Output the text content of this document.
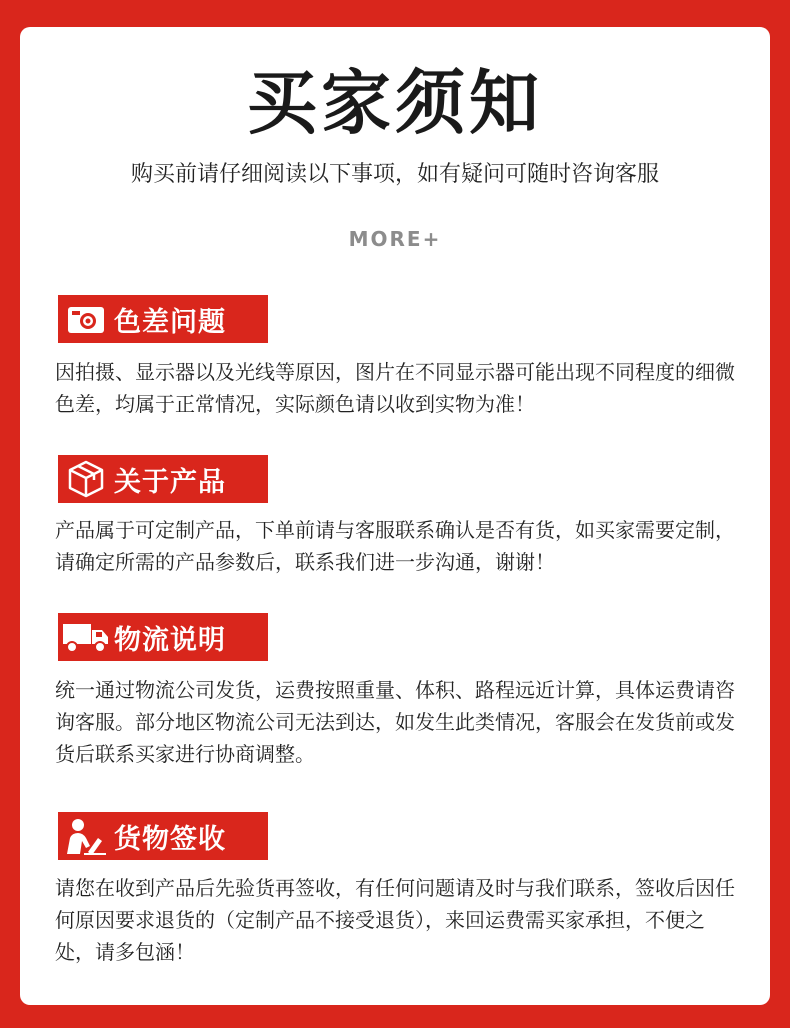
买家须知
购买前请仔细阅读以下事项，如有疑问可随时咨询客服
MORE+
色差问题
因拍摄、显示器以及光线等原因，图片在不同显示器可能出现不同程度的细微色差，均属于正常情况，实际颜色请以收到实物为准！
关于产品
产品属于可定制产品，下单前请与客服联系确认是否有货，如买家需要定制，请确定所需的产品参数后，联系我们进一步沟通，谢谢！
物流说明
统一通过物流公司发货，运费按照重量、体积、路程远近计算，具体运费请咨询客服。部分地区物流公司无法到达，如发生此类情况，客服会在发货前或发货后联系买家进行协商调整。
货物签收
请您在收到产品后先验货再签收，有任何问题请及时与我们联系，签收后因任何原因要求退货的（定制产品不接受退货），来回运费需买家承担，不便之处，请多包涵！
